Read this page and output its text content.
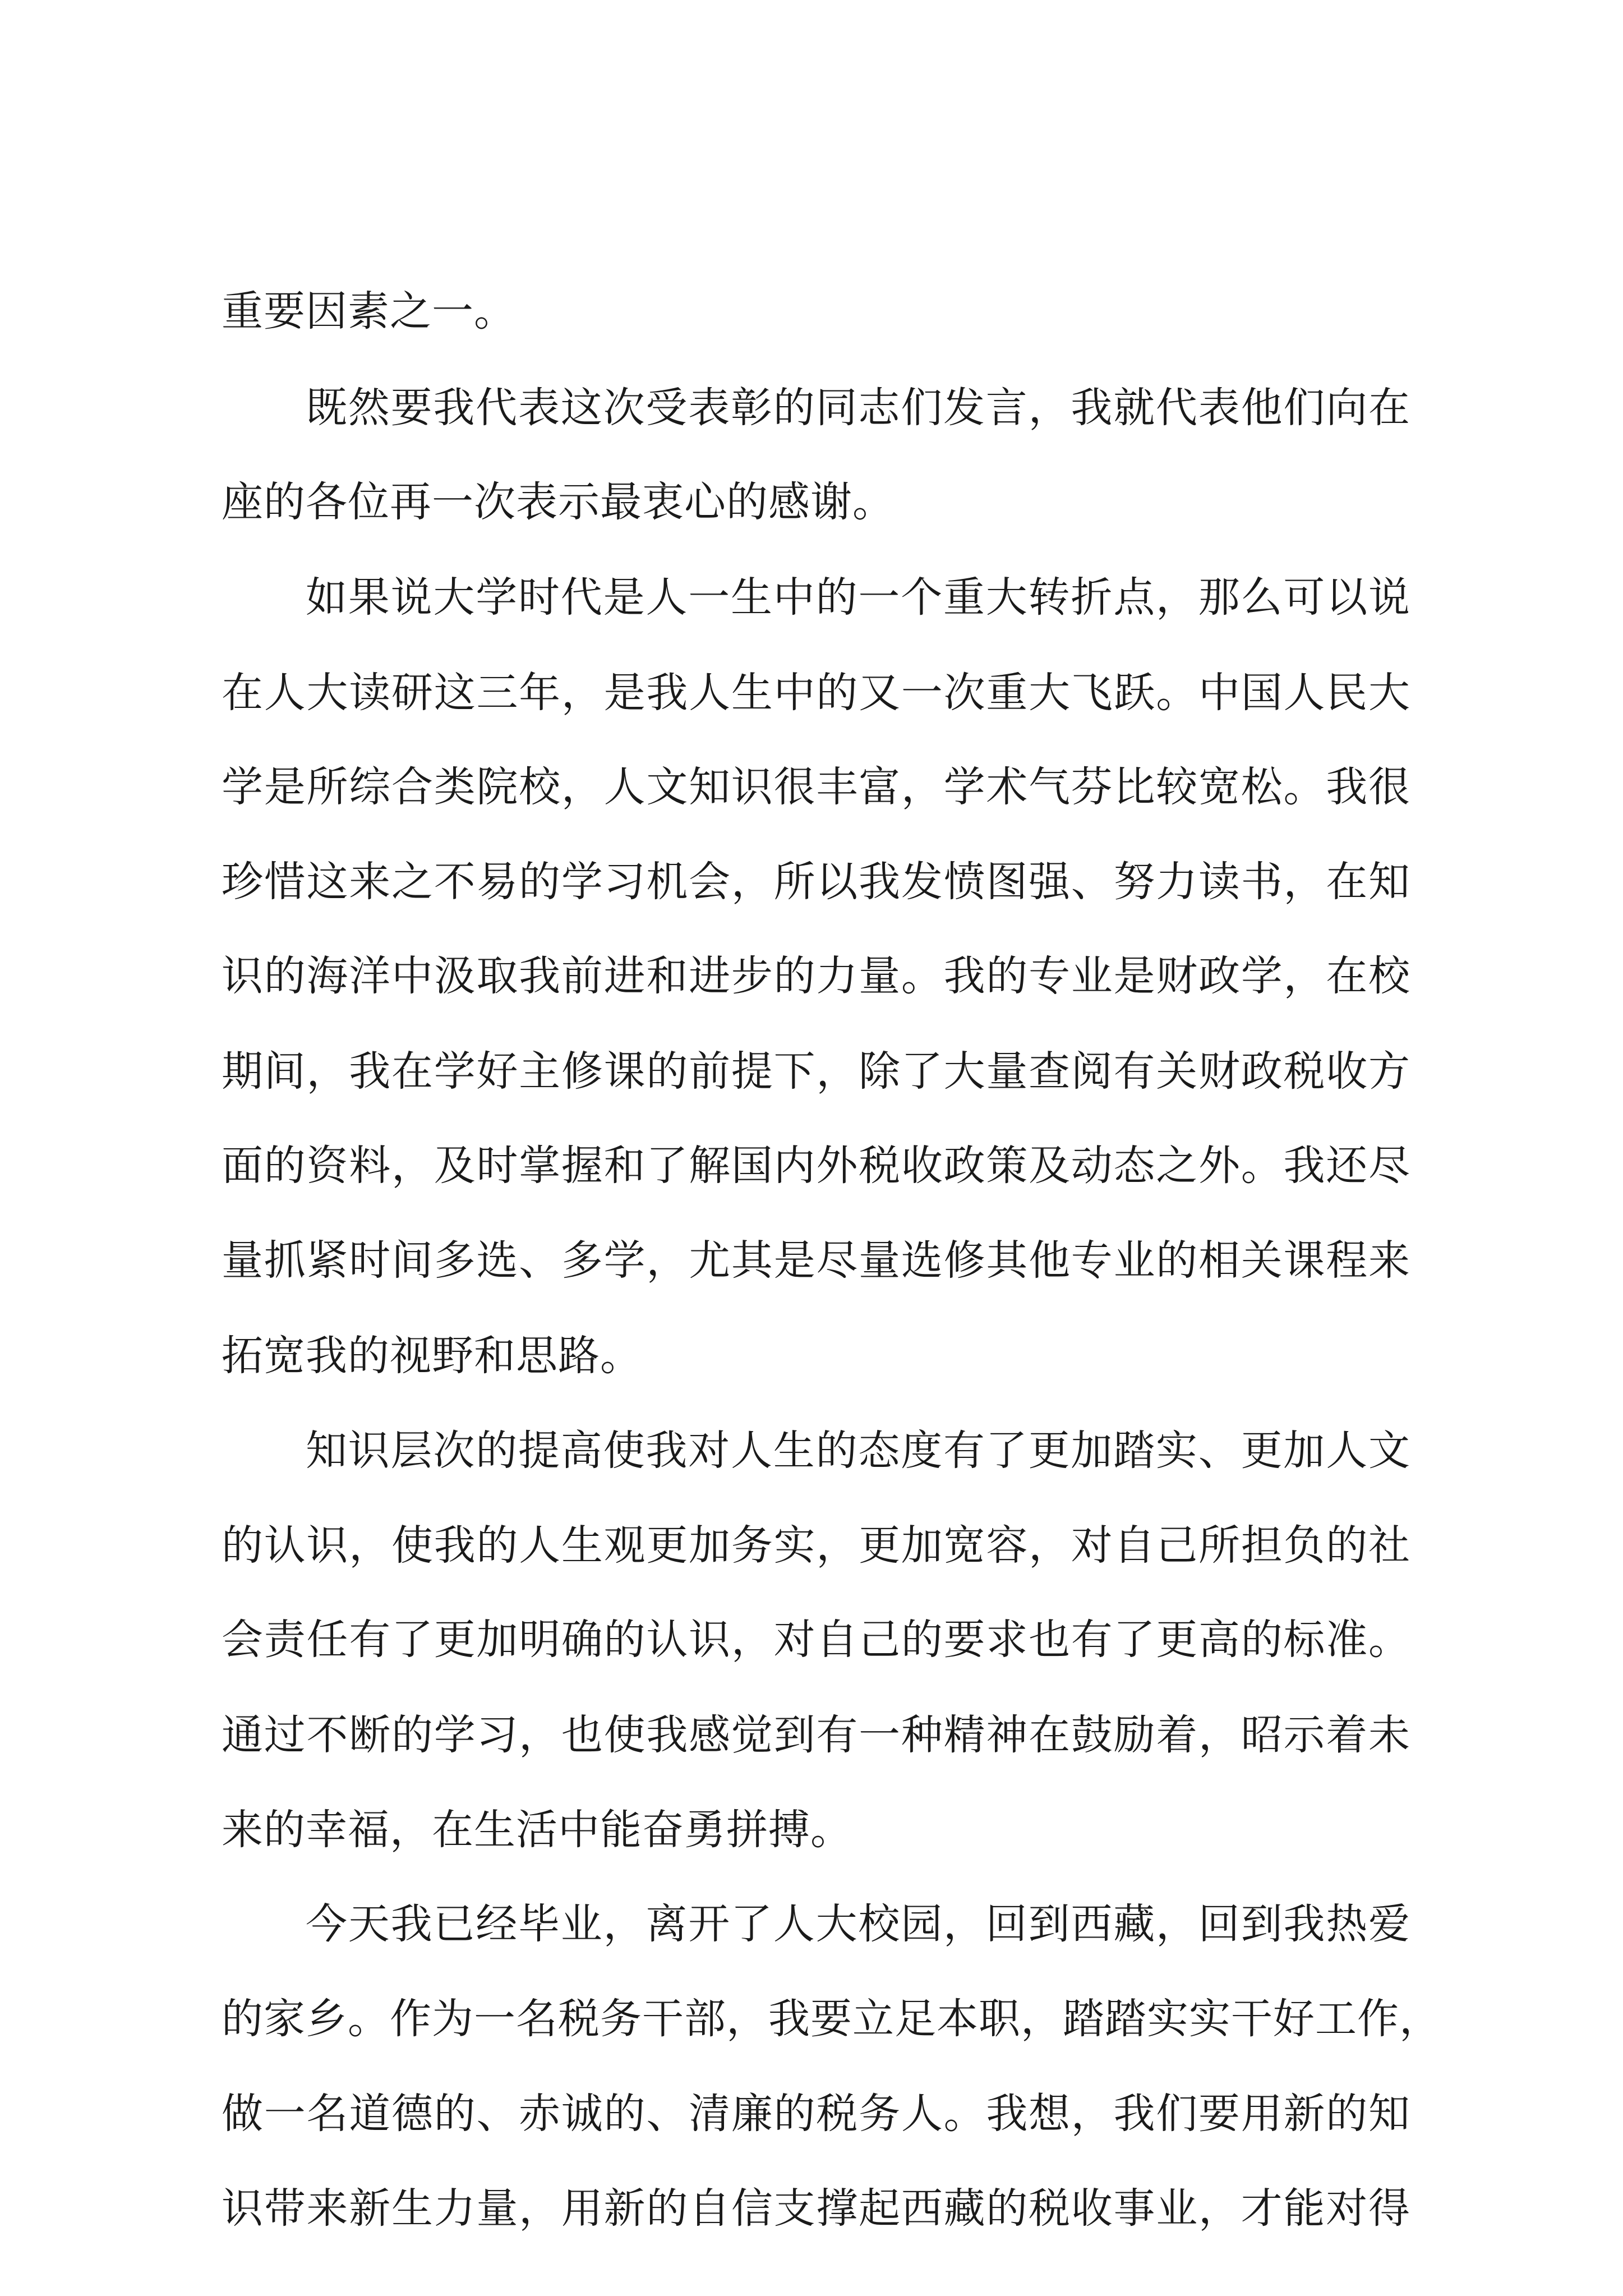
重要因素之一。
既然要我代表这次受表彰的同志们发言，我就代表他们向在
座的各位再一次表示最衷心的感谢。
如果说大学时代是人一生中的一个重大转折点，那么可以说
在人大读研这三年，是我人生中的又一次重大飞跃。中国人民大
学是所综合类院校，人文知识很丰富，学术气芬比较宽松。我很
珍惜这来之不易的学习机会，所以我发愤图强、努力读书，在知
识的海洋中汲取我前进和进步的力量。我的专业是财政学，在校
期间，我在学好主修课的前提下，除了大量查阅有关财政税收方
面的资料，及时掌握和了解国内外税收政策及动态之外。我还尽
量抓紧时间多选、多学，尤其是尽量选修其他专业的相关课程来
拓宽我的视野和思路。
知识层次的提高使我对人生的态度有了更加踏实、更加人文
的认识，使我的人生观更加务实，更加宽容，对自己所担负的社
会责任有了更加明确的认识，对自己的要求也有了更高的标准。
通过不断的学习，也使我感觉到有一种精神在鼓励着，昭示着未
来的幸福，在生活中能奋勇拼搏。
今天我已经毕业，离开了人大校园，回到西藏，回到我热爱
的家乡。作为一名税务干部，我要立足本职，踏踏实实干好工作，
做一名道德的、赤诚的、清廉的税务人。我想，我们要用新的知
识带来新生力量，用新的自信支撑起西藏的税收事业，才能对得
